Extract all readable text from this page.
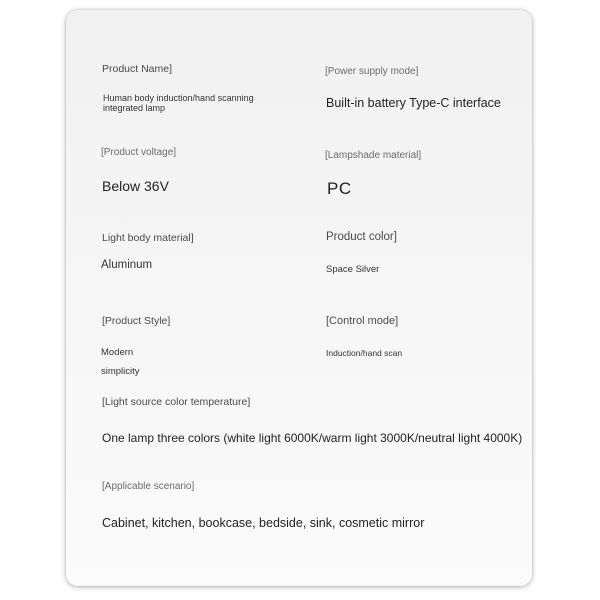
Product Name]
Human body induction/hand scanning integrated lamp
[Power supply mode]
Built-in battery Type-C interface
[Product voltage]
Below 36V
[Lampshade material]
PC
Light body material]
Aluminum
Product color]
Space Silver
[Product Style]
Modern
simplicity
[Control mode]
Induction/hand scan
[Light source color temperature]
One lamp three colors (white light 6000K/warm light 3000K/neutral light 4000K)
[Applicable scenario]
Cabinet, kitchen, bookcase, bedside, sink, cosmetic mirror
